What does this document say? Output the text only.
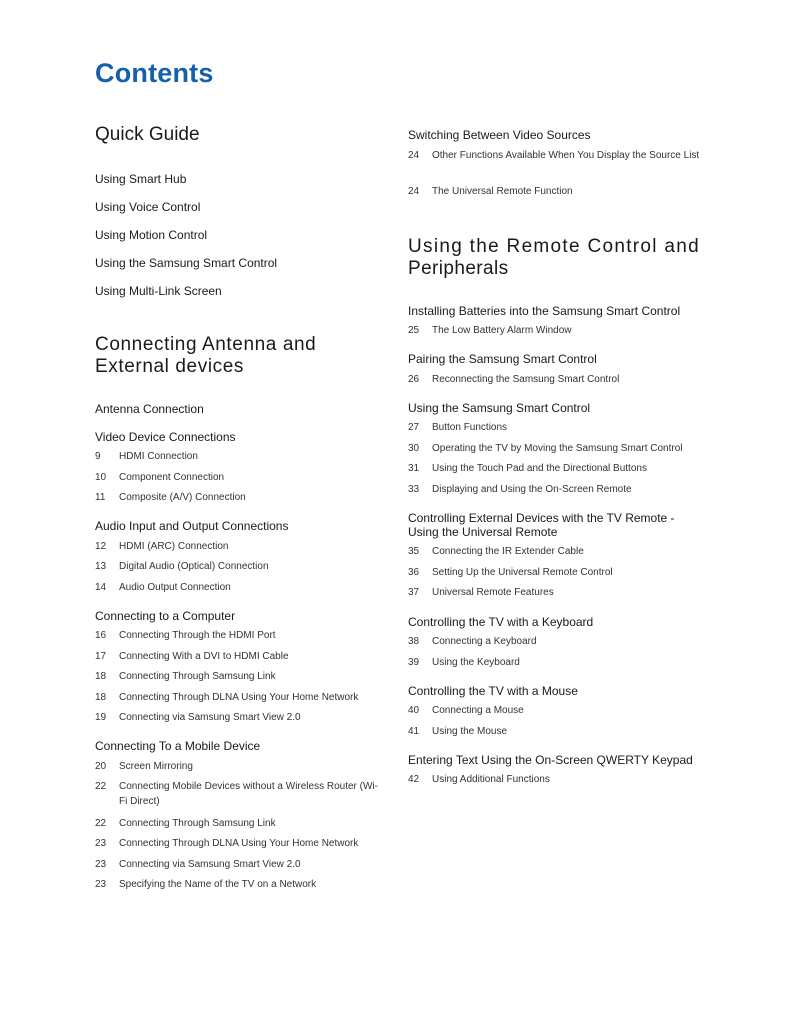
Contents
Quick Guide
Using Smart Hub
Using Voice Control
Using Motion Control
Using the Samsung Smart Control
Using Multi-Link Screen
Connecting Antenna and External devices
Antenna Connection
Video Device Connections
9	HDMI Connection
10	Component Connection
11	Composite (A/V) Connection
Audio Input and Output Connections
12	HDMI (ARC) Connection
13	Digital Audio (Optical) Connection
14	Audio Output Connection
Connecting to a Computer
16	Connecting Through the HDMI Port
17	Connecting With a DVI to HDMI Cable
18	Connecting Through Samsung Link
18	Connecting Through DLNA Using Your Home Network
19	Connecting via Samsung Smart View 2.0
Connecting To a Mobile Device
20	Screen Mirroring
22	Connecting Mobile Devices without a Wireless Router (Wi-Fi Direct)
22	Connecting Through Samsung Link
23	Connecting Through DLNA Using Your Home Network
23	Connecting via Samsung Smart View 2.0
23	Specifying the Name of the TV on a Network
Switching Between Video Sources
24	Other Functions Available When You Display the Source List
24	The Universal Remote Function
Using the Remote Control and
Peripherals
Installing Batteries into the Samsung Smart Control
25	The Low Battery Alarm Window
Pairing the Samsung Smart Control
26	Reconnecting the Samsung Smart Control
Using the Samsung Smart Control
27	Button Functions
30	Operating the TV by Moving the Samsung Smart Control
31	Using the Touch Pad and the Directional Buttons
33	Displaying and Using the On-Screen Remote
Controlling External Devices with the TV Remote -
Using the Universal Remote
35	Connecting the IR Extender Cable
36	Setting Up the Universal Remote Control
37	Universal Remote Features
Controlling the TV with a Keyboard
38	Connecting a Keyboard
39	Using the Keyboard
Controlling the TV with a Mouse
40	Connecting a Mouse
41	Using the Mouse
Entering Text Using the On-Screen QWERTY Keypad
42	Using Additional Functions
